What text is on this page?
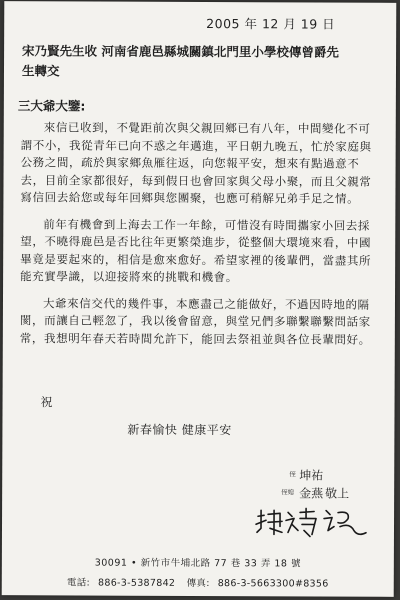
2005 年 12 月 19 日
宋乃賢先生收 河南省鹿邑縣城關鎮北門里小學校傳曾爵先
生轉交
三大爺大鑒:

來信已收到，不覺距前次與父親回鄉已有八年，中間變化不可謂不小，我從青年已向不惑之年邁進，平日朝九晚五，忙於家庭與公務之間，疏於與家鄉魚雁往返，向您報平安，想來有點過意不去，目前全家都很好，每到假日也會回家與父母小聚，而且父親常寫信回去給您或每年回鄉與您團聚，也應可稍解兄弟手足之情。

前年有機會到上海去工作一年餘，可惜沒有時間攜家小回去採望，不曉得鹿邑是否比往年更繁榮進步，從整個大環境來看，中國畢竟是要起來的，相信是愈來愈好。希望家裡的後輩們，當盡其所能充實學識，以迎接將來的挑戰和機會。

大爺來信交代的幾件事，本應盡己之能做好，不過因時地的隔閡，而讓自己輕忽了，我以後會留意，與堂兄們多聯繫聯繫問話家常，我想明年春天若時間允許下，能回去祭祖並與各位長輩問好。

祝
新春愉快 健康平安
侄 坤祐
侄媳 金燕 敬上
30091 • 新竹市牛埔北路 77 巷 33 弄 18 號
電話: 886-3-5387842 傳真: 886-3-5663300#8356
